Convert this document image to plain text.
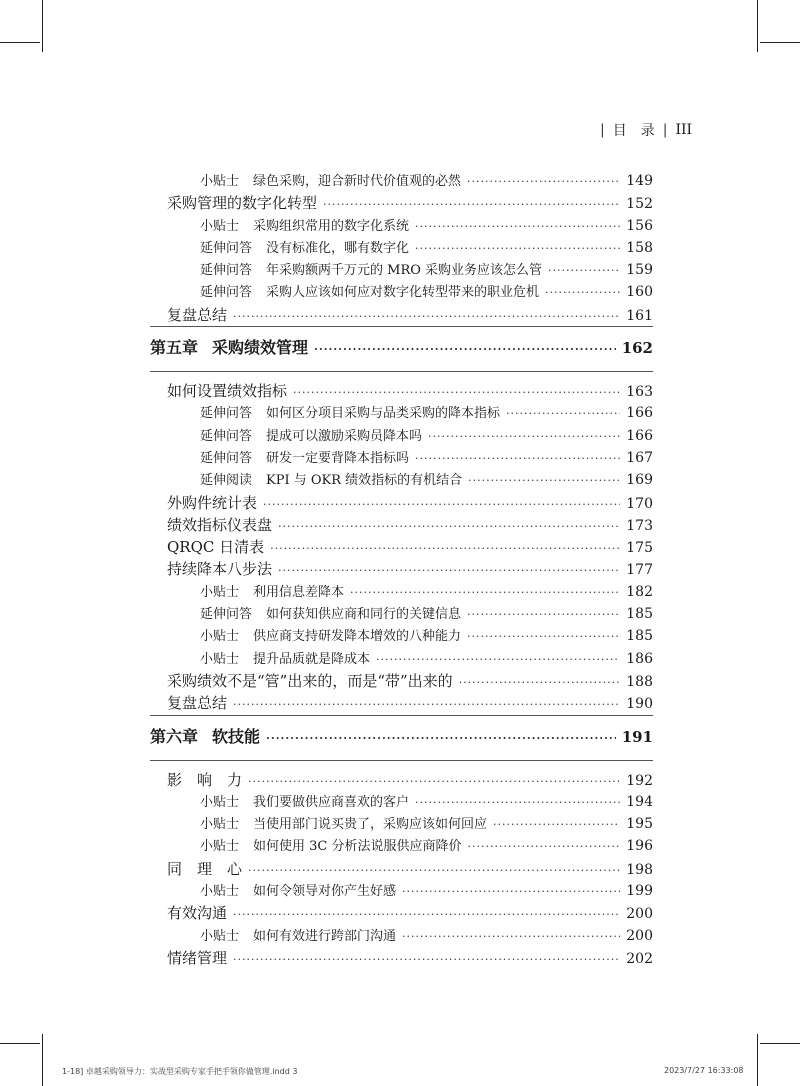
| 目　录 | III
小贴士 绿色采购，迎合新时代价值观的必然 ·····	149
采购管理的数字化转型 ·····	152
小贴士 采购组织常用的数字化系统 ·····	156
延伸问答 没有标准化，哪有数字化 ·····	158
延伸问答 年采购额两千万元的 MRO 采购业务应该怎么管 ·····	159
延伸问答 采购人应该如何应对数字化转型带来的职业危机 ·····	160
复盘总结 ·····	161
第五章 采购绩效管理 ·····	162
如何设置绩效指标 ·····	163
延伸问答 如何区分项目采购与品类采购的降本指标 ·····	166
延伸问答 提成可以激励采购员降本吗 ·····	166
延伸问答 研发一定要背降本指标吗 ·····	167
延伸阅读 KPI 与 OKR 绩效指标的有机结合 ·····	169
外购件统计表 ·····	170
绩效指标仪表盘 ·····	173
QRQC 日清表 ·····	175
持续降本八步法 ·····	177
小贴士 利用信息差降本 ·····	182
延伸问答 如何获知供应商和同行的关键信息 ·····	185
小贴士 供应商支持研发降本增效的八种能力 ·····	185
小贴士 提升品质就是降成本 ·····	186
采购绩效不是“管”出来的，而是“带”出来的 ·····	188
复盘总结 ·····	190
第六章 软技能 ·····	191
影　响　力 ·····	192
小贴士 我们要做供应商喜欢的客户 ·····	194
小贴士 当使用部门说买贵了，采购应该如何回应 ·····	195
小贴士 如何使用 3C 分析法说服供应商降价 ·····	196
同　理　心 ·····	198
小贴士 如何令领导对你产生好感 ·····	199
有效沟通 ·····	200
小贴士 如何有效进行跨部门沟通 ·····	200
情绪管理 ·····	202
1-18] 卓越采购领导力：实战型采购专家手把手领你做管理.indd 3	2023/7/27 16:33:08
